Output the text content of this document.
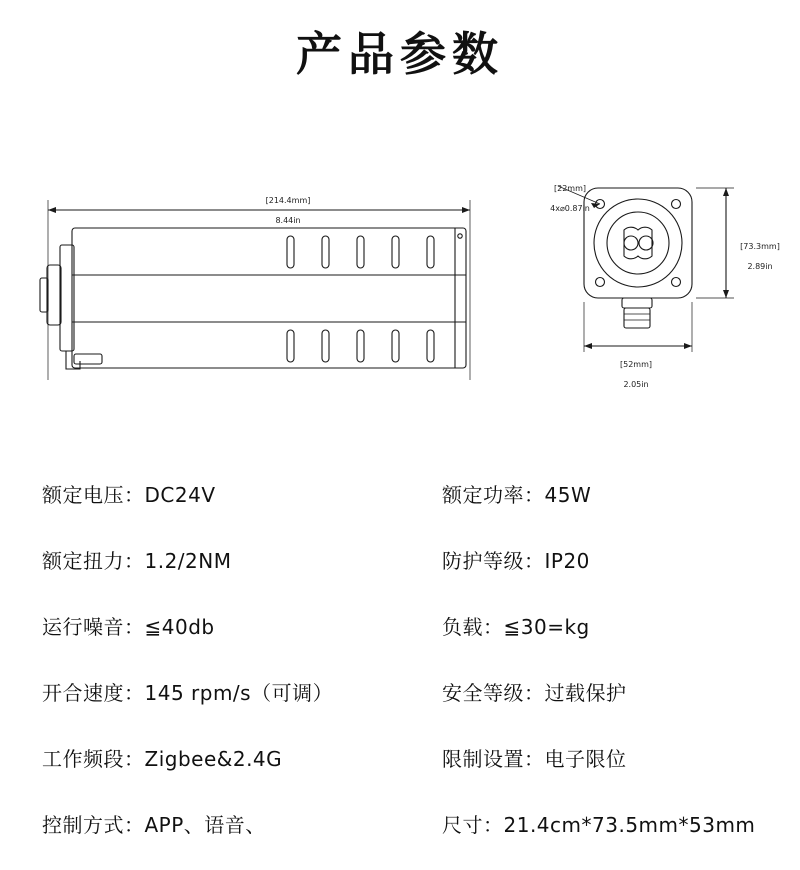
产品参数

[214.4mm]

8.44in

[22mm]

4x⌀0.87in

[73.3mm]

2.89in

[52mm]

2.05in

额定电压：DC24V	额定功率：45W
额定扭力：1.2/2NM	防护等级：IP20
运行噪音：≦40db	负载：≦30=kg
开合速度：145 rpm/s（可调）	安全等级：过载保护
工作频段：Zigbee&2.4G	限制设置：电子限位
控制方式：APP、语音、	尺寸：21.4cm*73.5mm*53mm
